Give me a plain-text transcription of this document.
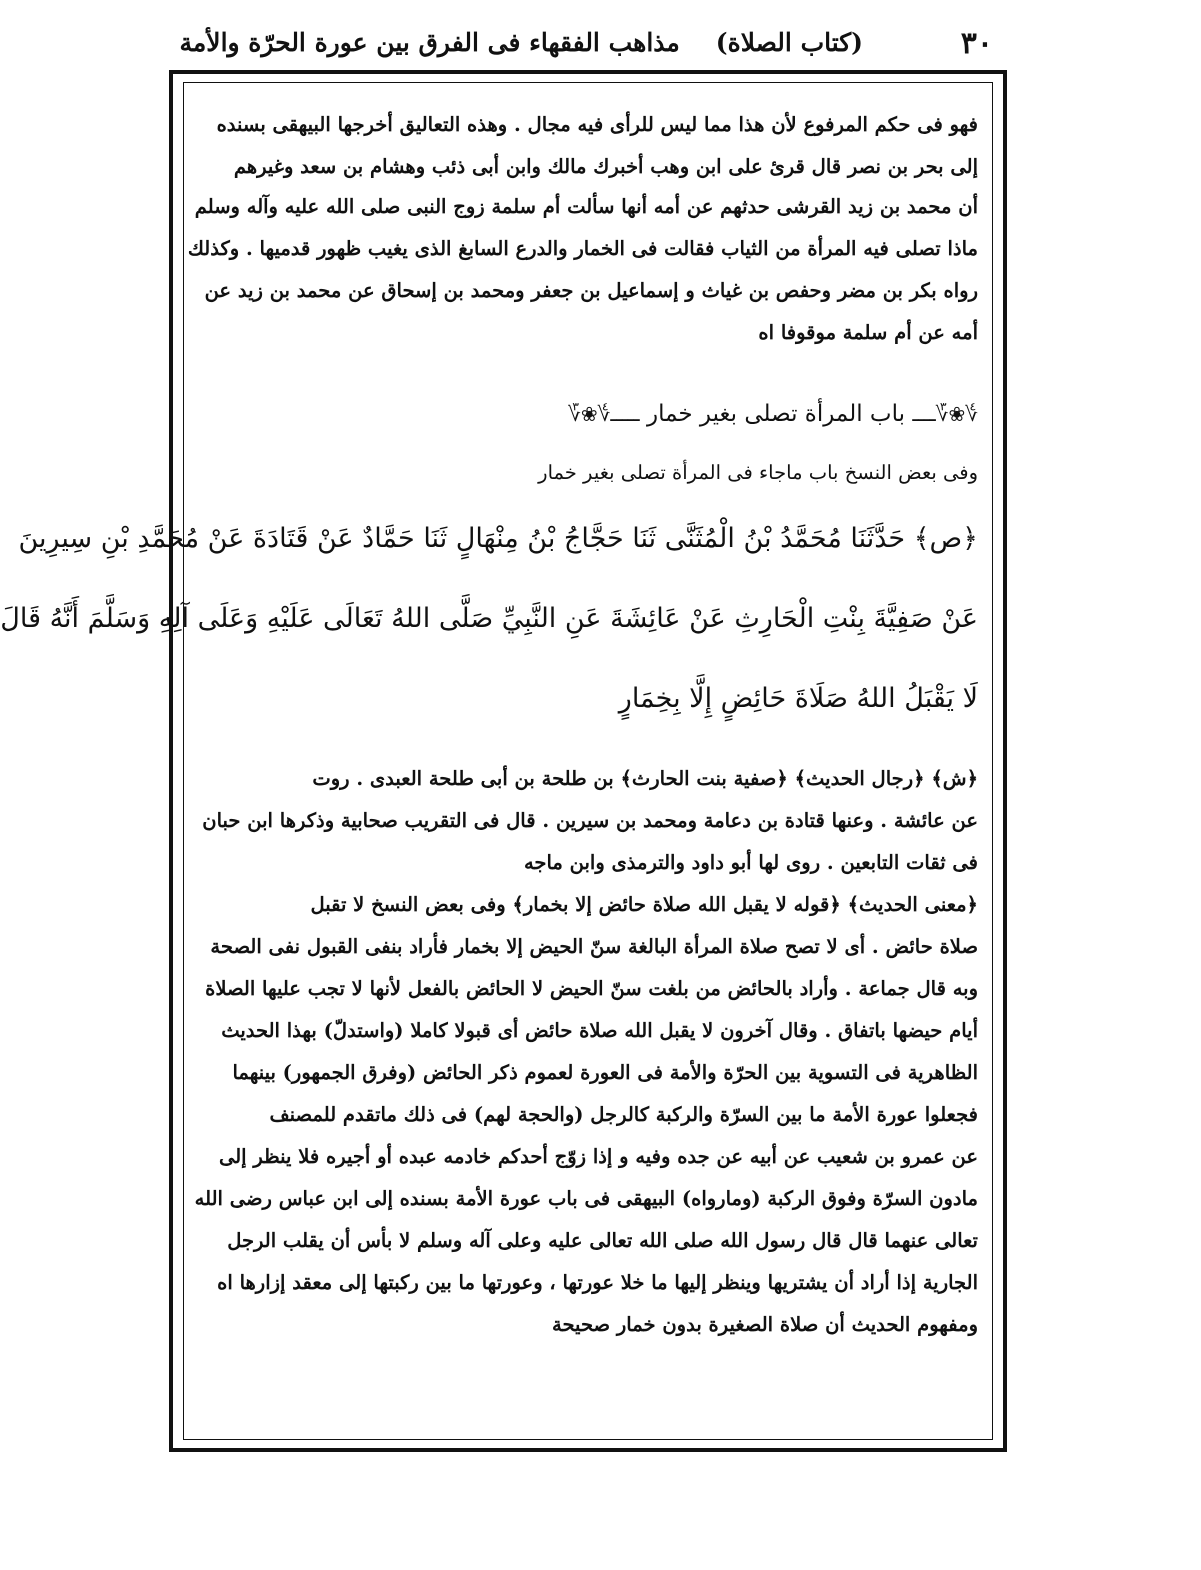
٣٠
(كتاب الصلاة)مذاهب الفقهاء فى الفرق بين عورة الحرّة والأمة
فهو فى حكم المرفوع لأن هذا مما ليس للرأى فيه مجال . وهذه التعاليق أخرجها البيهقى بسنده
إلى بحر بن نصر قال قرئ على ابن وهب أخبرك مالك وابن أبى ذئب وهشام بن سعد وغيرهم
أن محمد بن زيد القرشى حدثهم عن أمه أنها سألت أم سلمة زوج النبى صلى الله عليه وآله وسلم
ماذا تصلى فيه المرأة من الثياب فقالت فى الخمار والدرع السابغ الذى يغيب ظهور قدميها . وكذلك
رواه بكر بن مضر وحفص بن غياث و إسماعيل بن جعفر ومحمد بن إسحاق عن محمد بن زيد عن
أمه عن أم سلمة موقوفا اه
؇❀؆ــــ باب المرأة تصلى بغير خمار ـــــ؇❀؆
وفى بعض النسخ باب ماجاء فى المرأة تصلى بغير خمار
﴿ص﴾ حَدَّثَنَا مُحَمَّدُ بْنُ الْمُثَنَّى ثَنَا حَجَّاجُ بْنُ مِنْهَالٍ ثَنَا حَمَّادٌ عَنْ قَتَادَةَ عَنْ مُحَمَّدِ بْنِ سِيرِينَ
عَنْ صَفِيَّةَ بِنْتِ الْحَارِثِ عَنْ عَائِشَةَ عَنِ النَّبِيِّ صَلَّى اللهُ تَعَالَى عَلَيْهِ وَعَلَى آلِهِ وَسَلَّمَ أَنَّهُ قَالَ
لَا يَقْبَلُ اللهُ صَلَاةَ حَائِضٍ إِلَّا بِخِمَارٍ
﴿ش﴾ ﴿رجال الحديث﴾ ﴿صفية بنت الحارث﴾ بن طلحة بن أبى طلحة العبدى . روت
عن عائشة . وعنها قتادة بن دعامة ومحمد بن سيرين . قال فى التقريب صحابية وذكرها ابن حبان
فى ثقات التابعين . روى لها أبو داود والترمذى وابن ماجه
﴿معنى الحديث﴾ ﴿قوله لا يقبل الله صلاة حائض إلا بخمار﴾ وفى بعض النسخ لا تقبل
صلاة حائض . أى لا تصح صلاة المرأة البالغة سنّ الحيض إلا بخمار فأراد بنفى القبول نفى الصحة
وبه قال جماعة . وأراد بالحائض من بلغت سنّ الحيض لا الحائض بالفعل لأنها لا تجب عليها الصلاة
أيام حيضها باتفاق . وقال آخرون لا يقبل الله صلاة حائض أى قبولا كاملا (واستدلّ) بهذا الحديث
الظاهرية فى التسوية بين الحرّة والأمة فى العورة لعموم ذكر الحائض (وفرق الجمهور) بينهما
فجعلوا عورة الأمة ما بين السرّة والركبة كالرجل (والحجة لهم) فى ذلك ماتقدم للمصنف
عن عمرو بن شعيب عن أبيه عن جده وفيه و إذا زوّج أحدكم خادمه عبده أو أجيره فلا ينظر إلى
مادون السرّة وفوق الركبة (ومارواه) البيهقى فى باب عورة الأمة بسنده إلى ابن عباس رضى الله
تعالى عنهما قال قال رسول الله صلى الله تعالى عليه وعلى آله وسلم لا بأس أن يقلب الرجل
الجارية إذا أراد أن يشتريها وينظر إليها ما خلا عورتها ، وعورتها ما بين ركبتها إلى معقد إزارها اه
ومفهوم الحديث أن صلاة الصغيرة بدون خمار صحيحة
